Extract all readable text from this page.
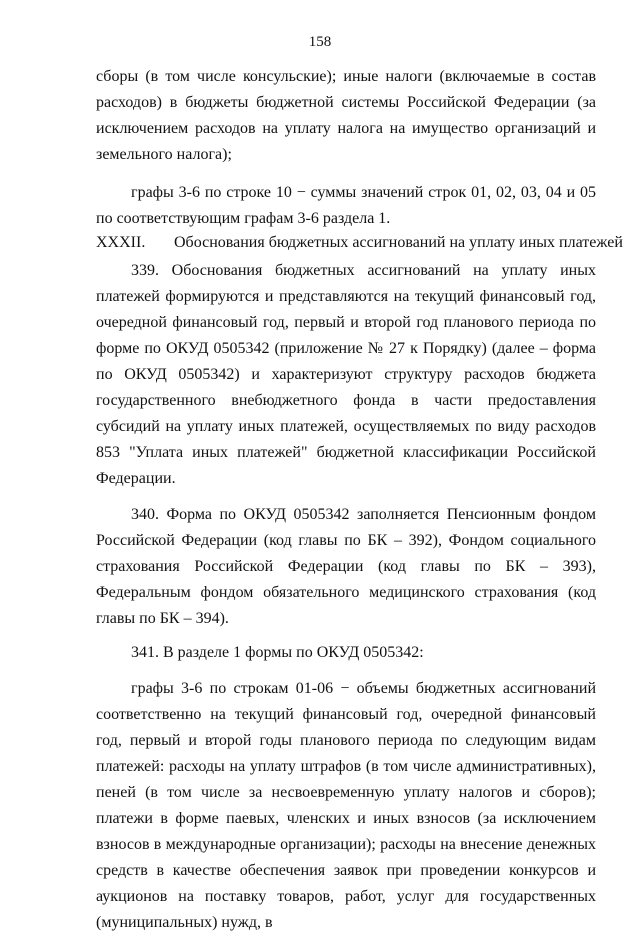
158

сборы (в том числе консульские); иные налоги (включаемые в состав расходов) в бюджеты бюджетной системы Российской Федерации (за исключением расходов на уплату налога на имущество организаций и земельного налога);

графы 3-6 по строке 10 − суммы значений строк 01, 02, 03, 04 и 05 по соответствующим графам 3-6 раздела 1.

XXXII. Обоснования бюджетных ассигнований на уплату иных платежей

339. Обоснования бюджетных ассигнований на уплату иных платежей формируются и представляются на текущий финансовый год, очередной финансовый год, первый и второй год планового периода по форме по ОКУД 0505342 (приложение № 27 к Порядку) (далее – форма по ОКУД 0505342) и характеризуют структуру расходов бюджета государственного внебюджетного фонда в части предоставления субсидий на уплату иных платежей, осуществляемых по виду расходов 853 "Уплата иных платежей" бюджетной классификации Российской Федерации.

340. Форма по ОКУД 0505342 заполняется Пенсионным фондом Российской Федерации (код главы по БК – 392), Фондом социального страхования Российской Федерации (код главы по БК – 393), Федеральным фондом обязательного медицинского страхования (код главы по БК – 394).

341. В разделе 1 формы по ОКУД 0505342:

графы 3-6 по строкам 01-06 − объемы бюджетных ассигнований соответственно на текущий финансовый год, очередной финансовый год, первый и второй годы планового периода по следующим видам платежей: расходы на уплату штрафов (в том числе административных), пеней (в том числе за несвоевременную уплату налогов и сборов); платежи в форме паевых, членских и иных взносов (за исключением взносов в международные организации); расходы на внесение денежных средств в качестве обеспечения заявок при проведении конкурсов и аукционов на поставку товаров, работ, услуг для государственных (муниципальных) нужд, в
